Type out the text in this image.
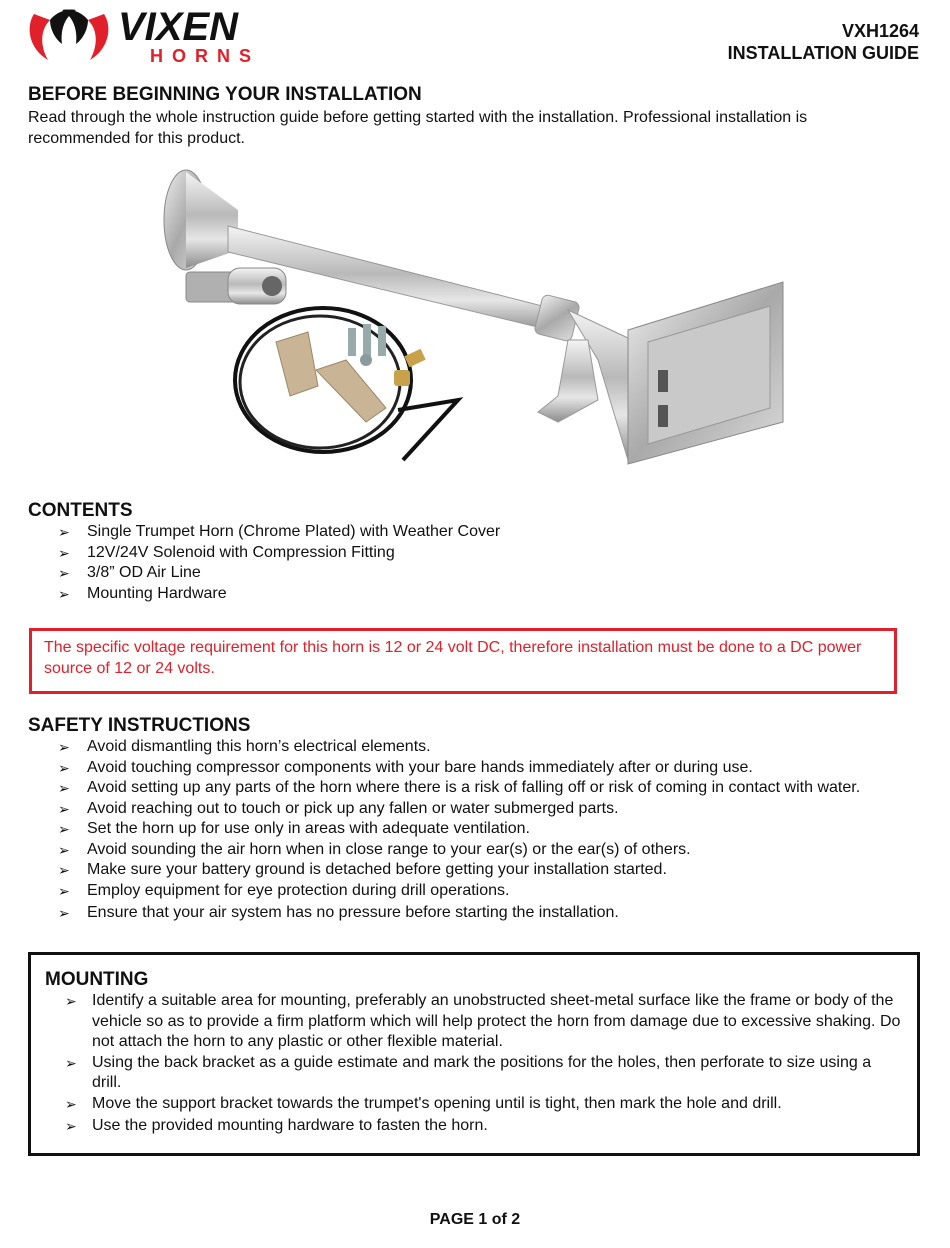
VIXEN
HORNS
VXH1264
INSTALLATION GUIDE
BEFORE BEGINNING YOUR INSTALLATION

Read through the whole instruction guide before getting started with the installation. Professional installation is recommended for this product.

CONTENTS
➢ Single Trumpet Horn (Chrome Plated) with Weather Cover
➢ 12V/24V Solenoid with Compression Fitting
➢ 3/8” OD Air Line
➢ Mounting Hardware
The specific voltage requirement for this horn is 12 or 24 volt DC, therefore installation must be done to a DC power source of 12 or 24 volts.
SAFETY INSTRUCTIONS
➢ Avoid dismantling this horn’s electrical elements.
➢ Avoid touching compressor components with your bare hands immediately after or during use.
➢ Avoid setting up any parts of the horn where there is a risk of falling off or risk of coming in contact with water.
➢ Avoid reaching out to touch or pick up any fallen or water submerged parts.
➢ Set the horn up for use only in areas with adequate ventilation.
➢ Avoid sounding the air horn when in close range to your ear(s) or the ear(s) of others.
➢ Make sure your battery ground is detached before getting your installation started.
➢ Employ equipment for eye protection during drill operations.
➢ Ensure that your air system has no pressure before starting the installation.
MOUNTING
➢ Identify a suitable area for mounting, preferably an unobstructed sheet-metal surface like the frame or body of the vehicle so as to provide a firm platform which will help protect the horn from damage due to excessive shaking. Do not attach the horn to any plastic or other flexible material.
➢ Using the back bracket as a guide estimate and mark the positions for the holes, then perforate to size using a drill.
➢ Move the support bracket towards the trumpet's opening until is tight, then mark the hole and drill.
➢ Use the provided mounting hardware to fasten the horn.
PAGE 1 of 2
